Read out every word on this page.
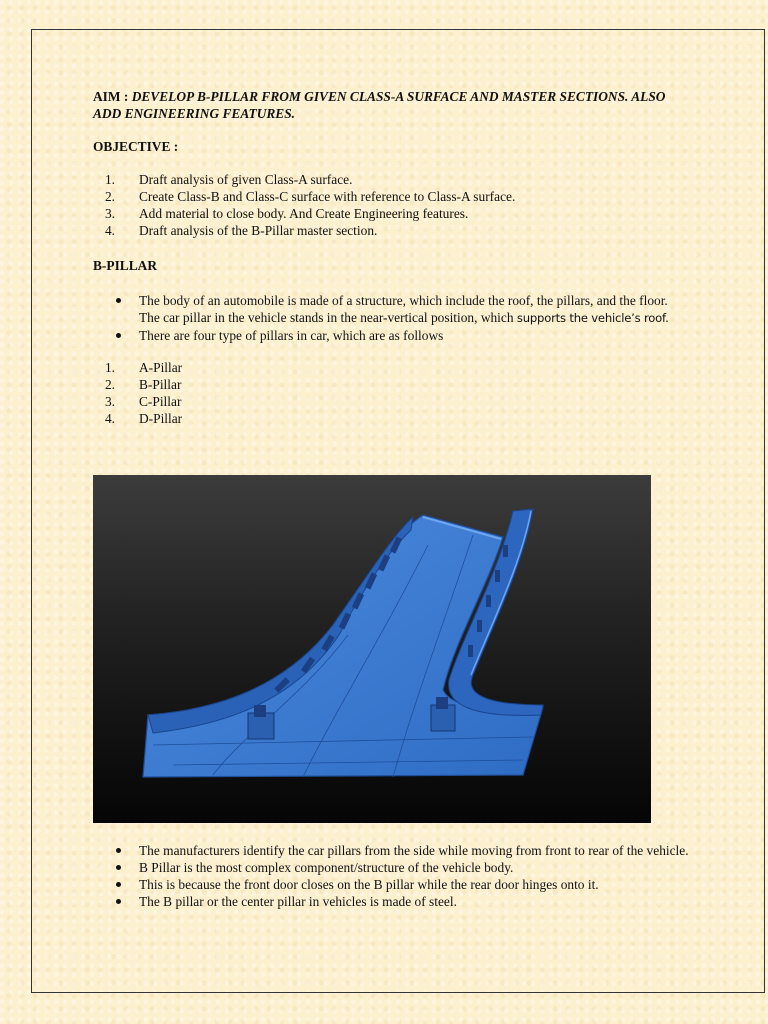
AIM : DEVELOP B-PILLAR FROM GIVEN CLASS-A SURFACE AND MASTER SECTIONS. ALSO ADD ENGINEERING FEATURES.

OBJECTIVE :

1.	Draft analysis of given Class-A surface.
2.	Create Class-B and Class-C surface with reference to Class-A surface.
3.	Add material to close body. And Create Engineering features.
4.	Draft analysis of the B-Pillar master section.

B-PILLAR

The body of an automobile is made of a structure, which include the roof, the pillars, and the floor. The car pillar in the vehicle stands in the near-vertical position, which supports the vehicle’s roof.
There are four type of pillars in car, which are as follows
1.	A-Pillar
2.	B-Pillar
3.	C-Pillar
4.	D-Pillar
The manufacturers identify the car pillars from the side while moving from front to rear of the vehicle.
B Pillar is the most complex component/structure of the vehicle body.
This is because the front door closes on the B pillar while the rear door hinges onto it.
The B pillar or the center pillar in vehicles is made of steel.
